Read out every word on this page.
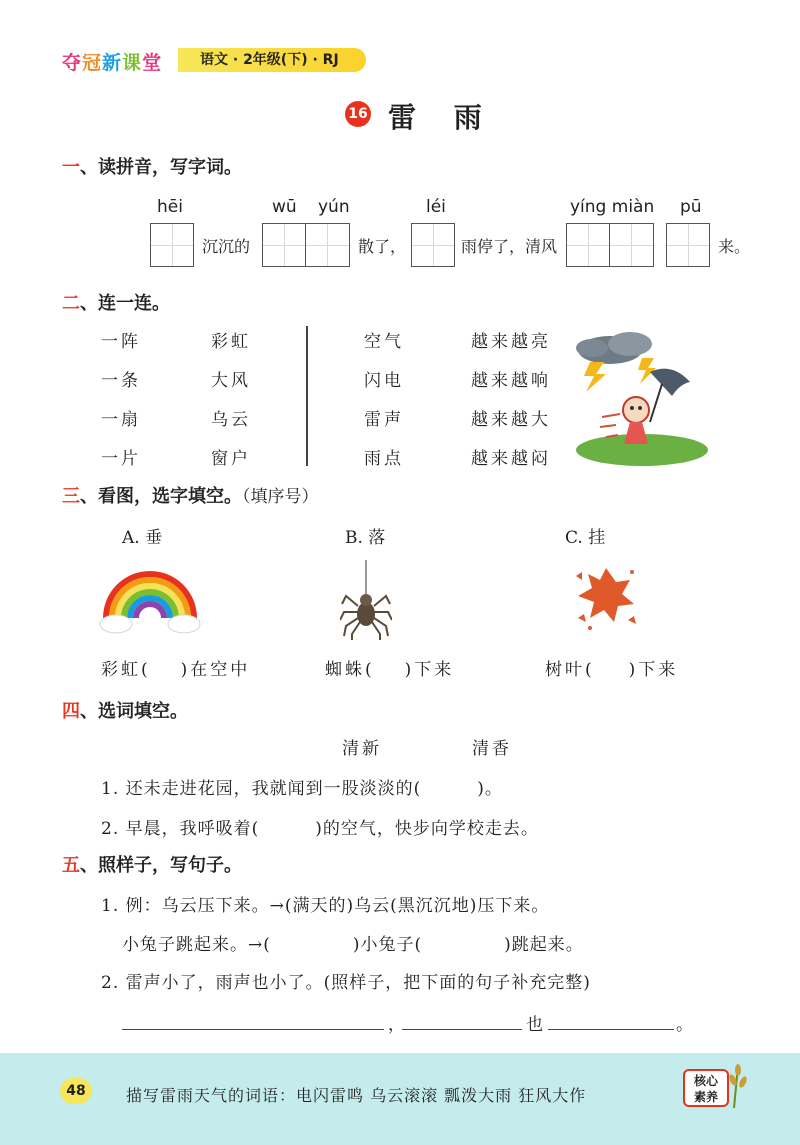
夺冠新课堂	语文 · 2年级(下) · RJ
16 雷 雨
一、读拼音，写字词。
hēi	wū yún	léi	yíng miàn pū
沉沉的	散了，	雨停了，清风	来。
二、连一连。
一阵
一条
一扇
一片
彩虹
大风
乌云
窗户
空气
闪电
雷声
雨点
越来越亮
越来越响
越来越大
越来越闷
三、看图，选字填空。（填序号）
A. 垂	B. 落	C. 挂
彩虹( )在空中	蜘蛛( )下来	树叶( )下来
四、选词填空。
清新	清香
1. 还未走进花园，我就闻到一股淡淡的(	)。
2. 早晨，我呼吸着(	)的空气，快步向学校走去。
五、照样子，写句子。
1. 例：乌云压下来。→(满天的)乌云(黑沉沉地)压下来。
小兔子跳起来。→(	)小兔子(	)跳起来。
2. 雷声小了，雨声也小了。(照样子，把下面的句子补充完整)
，	也	。
48	描写雷雨天气的词语：电闪雷鸣 乌云滚滚 瓢泼大雨 狂风大作
核心
素养
